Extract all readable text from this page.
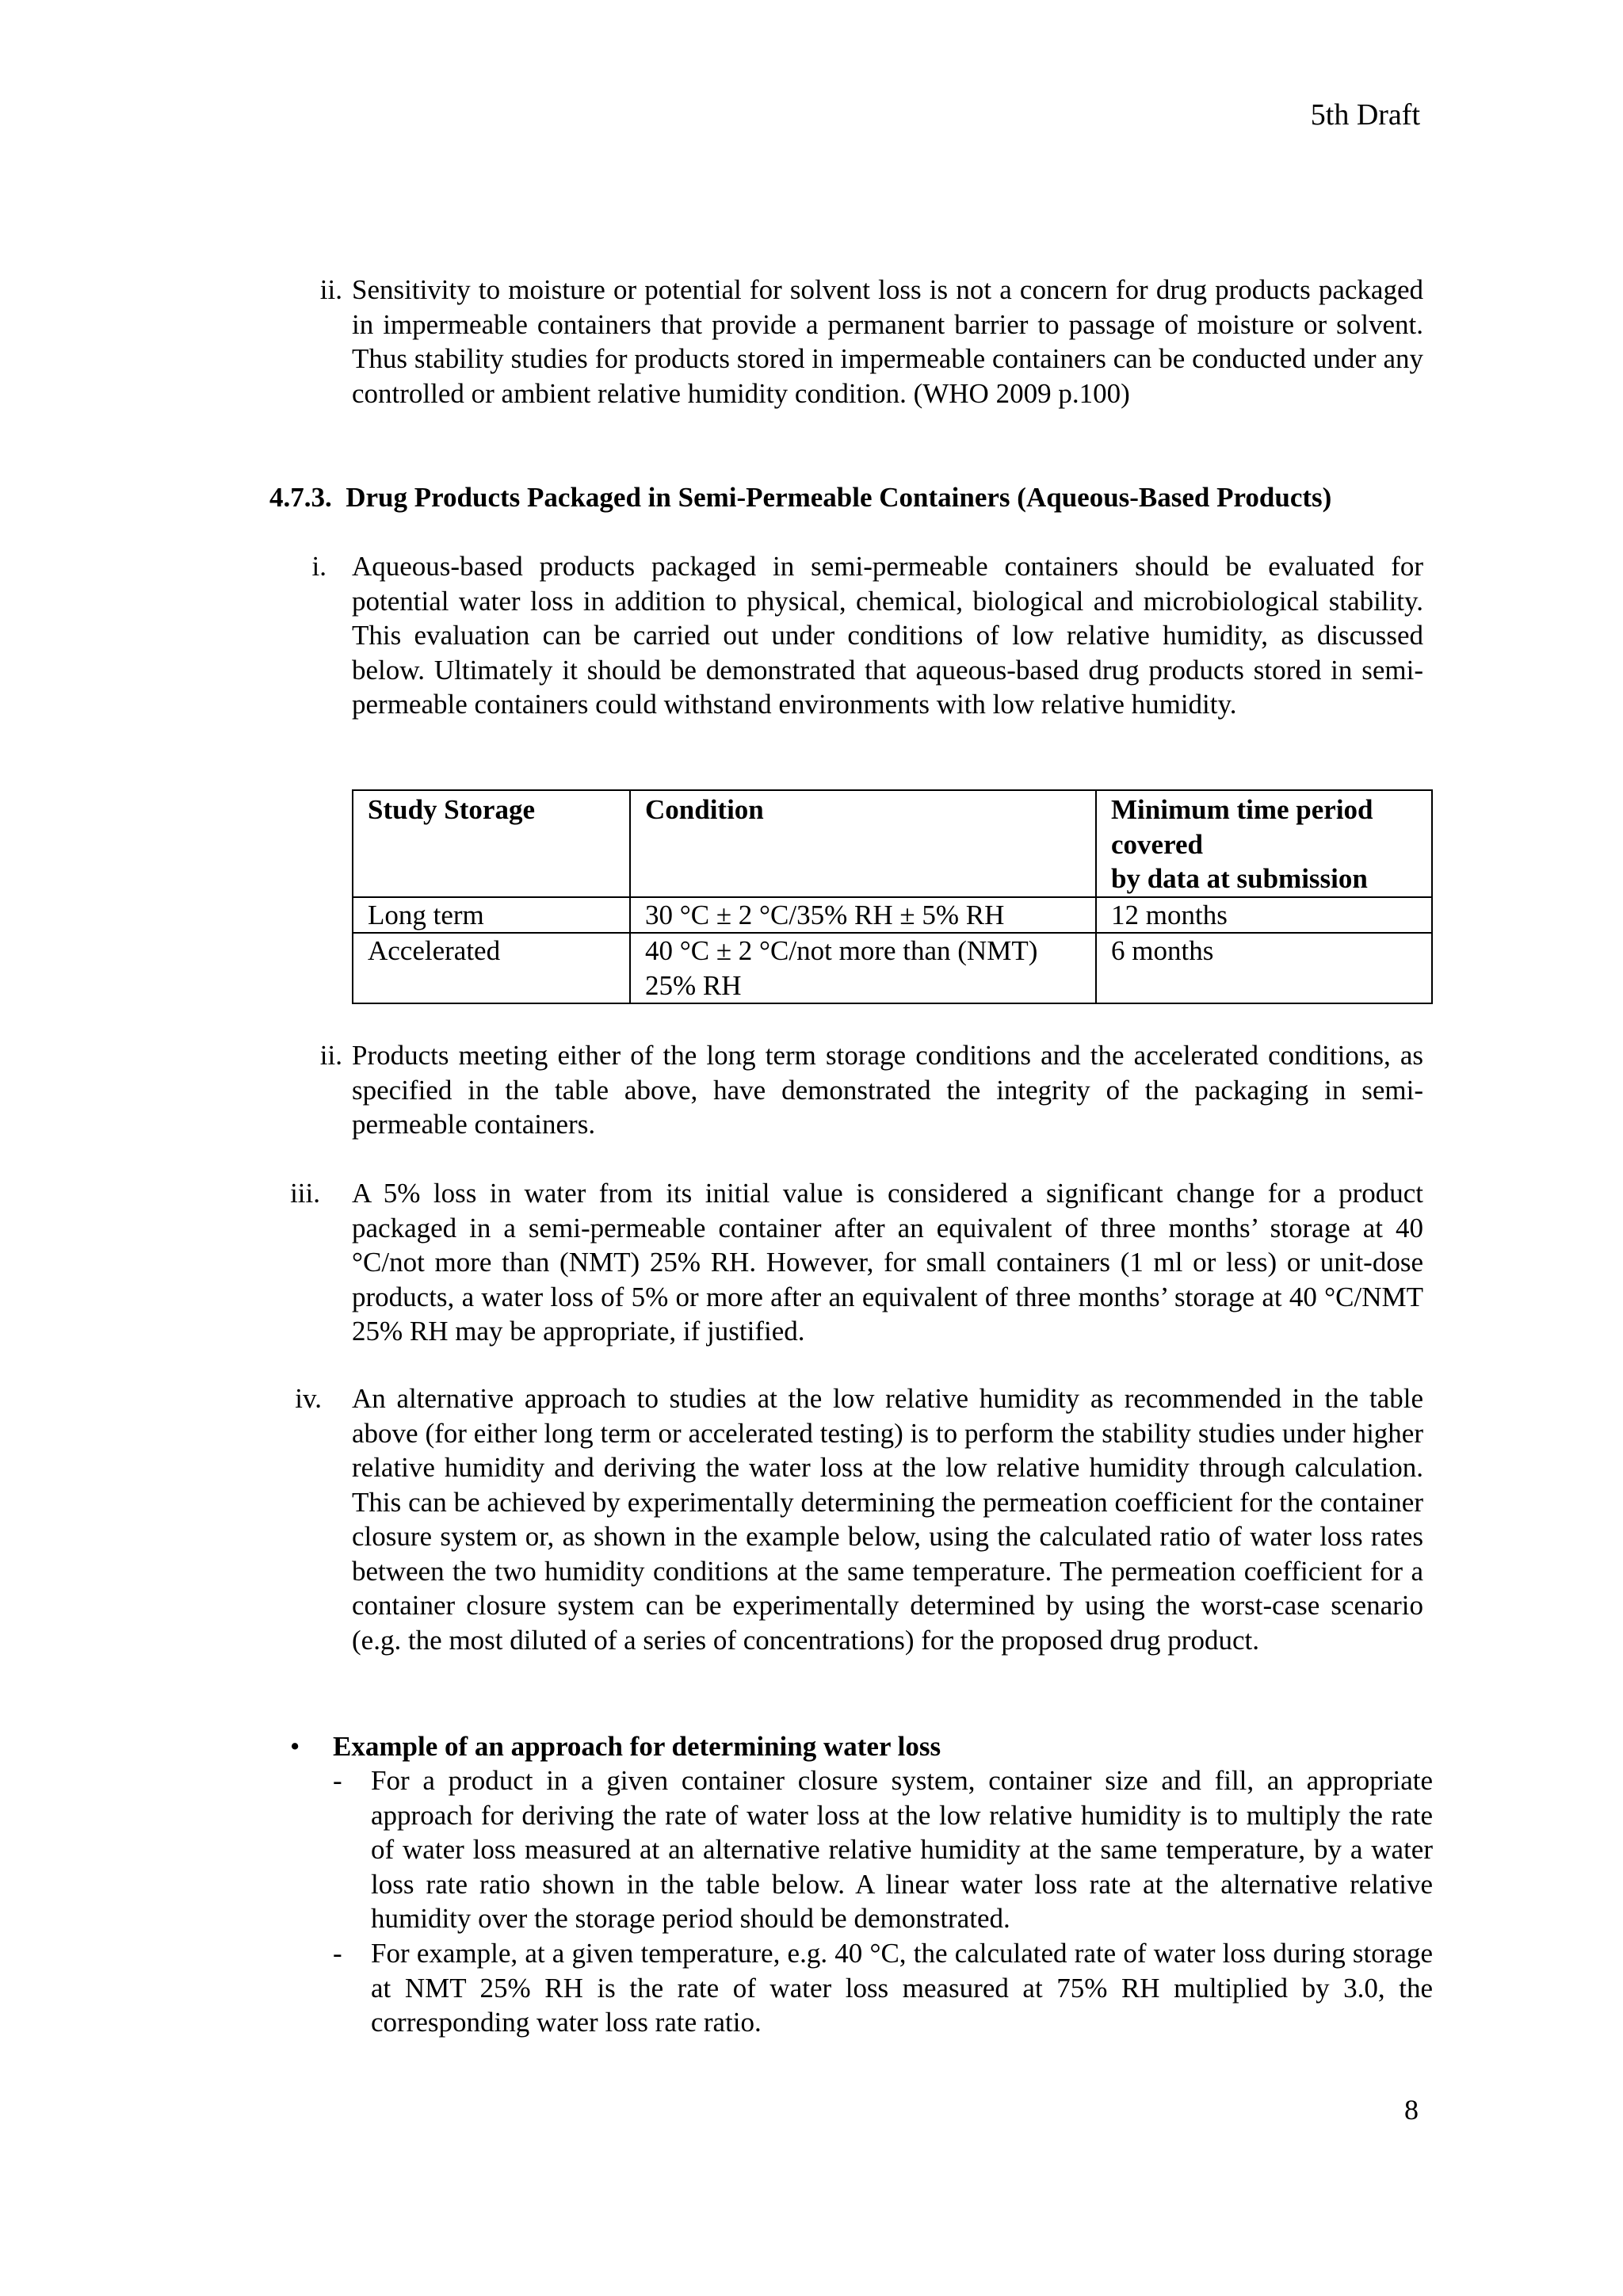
5th Draft
ii. Sensitivity to moisture or potential for solvent loss is not a concern for drug products packaged in impermeable containers that provide a permanent barrier to passage of moisture or solvent. Thus stability studies for products stored in impermeable containers can be conducted under any controlled or ambient relative humidity condition. (WHO 2009 p.100)
4.7.3. Drug Products Packaged in Semi-Permeable Containers (Aqueous-Based Products)
i. Aqueous-based products packaged in semi-permeable containers should be evaluated for potential water loss in addition to physical, chemical, biological and microbiological stability. This evaluation can be carried out under conditions of low relative humidity, as discussed below. Ultimately it should be demonstrated that aqueous-based drug products stored in semi-permeable containers could withstand environments with low relative humidity.
Study Storage	Condition	Minimum time period
covered
by data at submission
Long term	30 °C ± 2 °C/35% RH ± 5% RH	12 months
Accelerated	40 °C ± 2 °C/not more than (NMT) 25% RH	6 months
ii. Products meeting either of the long term storage conditions and the accelerated conditions, as specified in the table above, have demonstrated the integrity of the packaging in semi-permeable containers.
iii. A 5% loss in water from its initial value is considered a significant change for a product packaged in a semi-permeable container after an equivalent of three months’ storage at 40 °C/not more than (NMT) 25% RH. However, for small containers (1 ml or less) or unit-dose products, a water loss of 5% or more after an equivalent of three months’ storage at 40 °C/NMT 25% RH may be appropriate, if justified.
iv. An alternative approach to studies at the low relative humidity as recommended in the table above (for either long term or accelerated testing) is to perform the stability studies under higher relative humidity and deriving the water loss at the low relative humidity through calculation. This can be achieved by experimentally determining the permeation coefficient for the container closure system or, as shown in the example below, using the calculated ratio of water loss rates between the two humidity conditions at the same temperature. The permeation coefficient for a container closure system can be experimentally determined by using the worst-case scenario (e.g. the most diluted of a series of concentrations) for the proposed drug product.
• Example of an approach for determining water loss
- For a product in a given container closure system, container size and fill, an appropriate approach for deriving the rate of water loss at the low relative humidity is to multiply the rate of water loss measured at an alternative relative humidity at the same temperature, by a water loss rate ratio shown in the table below. A linear water loss rate at the alternative relative humidity over the storage period should be demonstrated.
- For example, at a given temperature, e.g. 40 °C, the calculated rate of water loss during storage at NMT 25% RH is the rate of water loss measured at 75% RH multiplied by 3.0, the corresponding water loss rate ratio.
8
